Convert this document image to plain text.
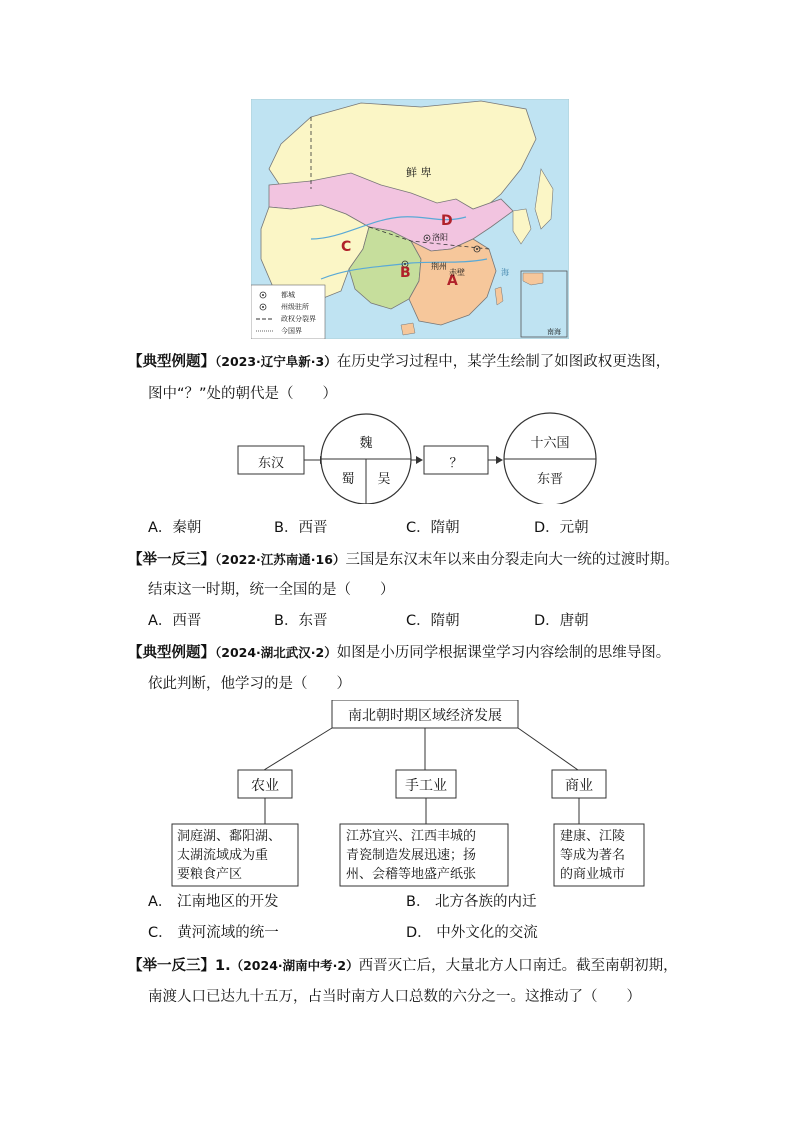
鲜 卑
A
B
C
D
洛阳
荆州
赤壁	海
南海
都城
州级驻所
政权分裂界
今国界
【典型例题】（2023·辽宁阜新·3）在历史学习过程中，某学生绘制了如图政权更迭图，
图中“？”处的朝代是（　　）
东汉
魏
蜀	吴
？
十六国
东晋
A．秦朝	B．西晋	C．隋朝	D．元朝
【举一反三】（2022·江苏南通·16）三国是东汉末年以来由分裂走向大一统的过渡时期。
结束这一时期，统一全国的是（　　）
A．西晋	B．东晋	C．隋朝	D．唐朝
【典型例题】（2024·湖北武汉·2）如图是小历同学根据课堂学习内容绘制的思维导图。
依此判断，他学习的是（　　）
南北朝时期区域经济发展
农业	手工业	商业
洞庭湖、鄱阳湖、
太湖流域成为重
要粮食产区
江苏宜兴、江西丰城的
青瓷制造发展迅速；扬
州、会稽等地盛产纸张
建康、江陵
等成为著名
的商业城市
A． 江南地区的开发	B． 北方各族的内迁
C． 黄河流域的统一	D． 中外文化的交流
【举一反三】1.（2024·湖南中考·2）西晋灭亡后，大量北方人口南迁。截至南朝初期，
南渡人口已达九十五万，占当时南方人口总数的六分之一。这推动了（　　）
